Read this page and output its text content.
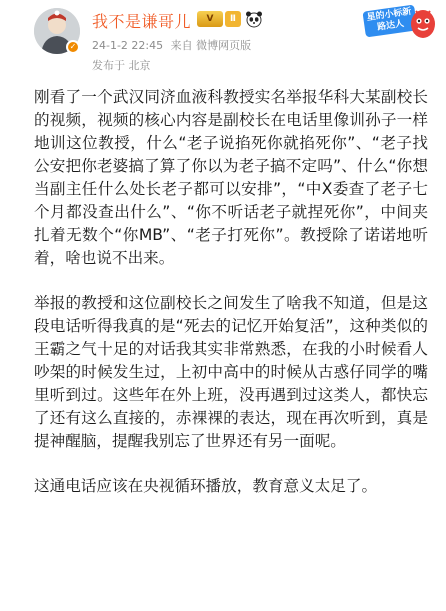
✓
我不是谦哥儿	V	Ⅱ
24-1-2 22:45 来自 微博网页版
发布于 北京
星的小标新路达人

刚看了一个武汉同济血液科教授实名举报华科大某副校长的视频，视频的核心内容是副校长在电话里像训孙子一样地训这位教授，什么“老子说掐死你就掐死你”、“老子找公安把你老婆搞了算了你以为老子搞不定吗”、什么“你想当副主任什么处长老子都可以安排”，“中X委查了老子七个月都没查出什么”、“你不听话老子就捏死你”，中间夹扎着无数个“你MB”、“老子打死你”。教授除了诺诺地听着，啥也说不出来。

举报的教授和这位副校长之间发生了啥我不知道，但是这段电话听得我真的是“死去的记忆开始复活”，这种类似的王霸之气十足的对话我其实非常熟悉，在我的小时候看人吵架的时候发生过，上初中高中的时候从古惑仔同学的嘴里听到过。这些年在外上班，没再遇到过这类人，都快忘了还有这么直接的，赤裸裸的表达，现在再次听到，真是提神醒脑，提醒我别忘了世界还有另一面呢。

这通电话应该在央视循环播放，教育意义太足了。
